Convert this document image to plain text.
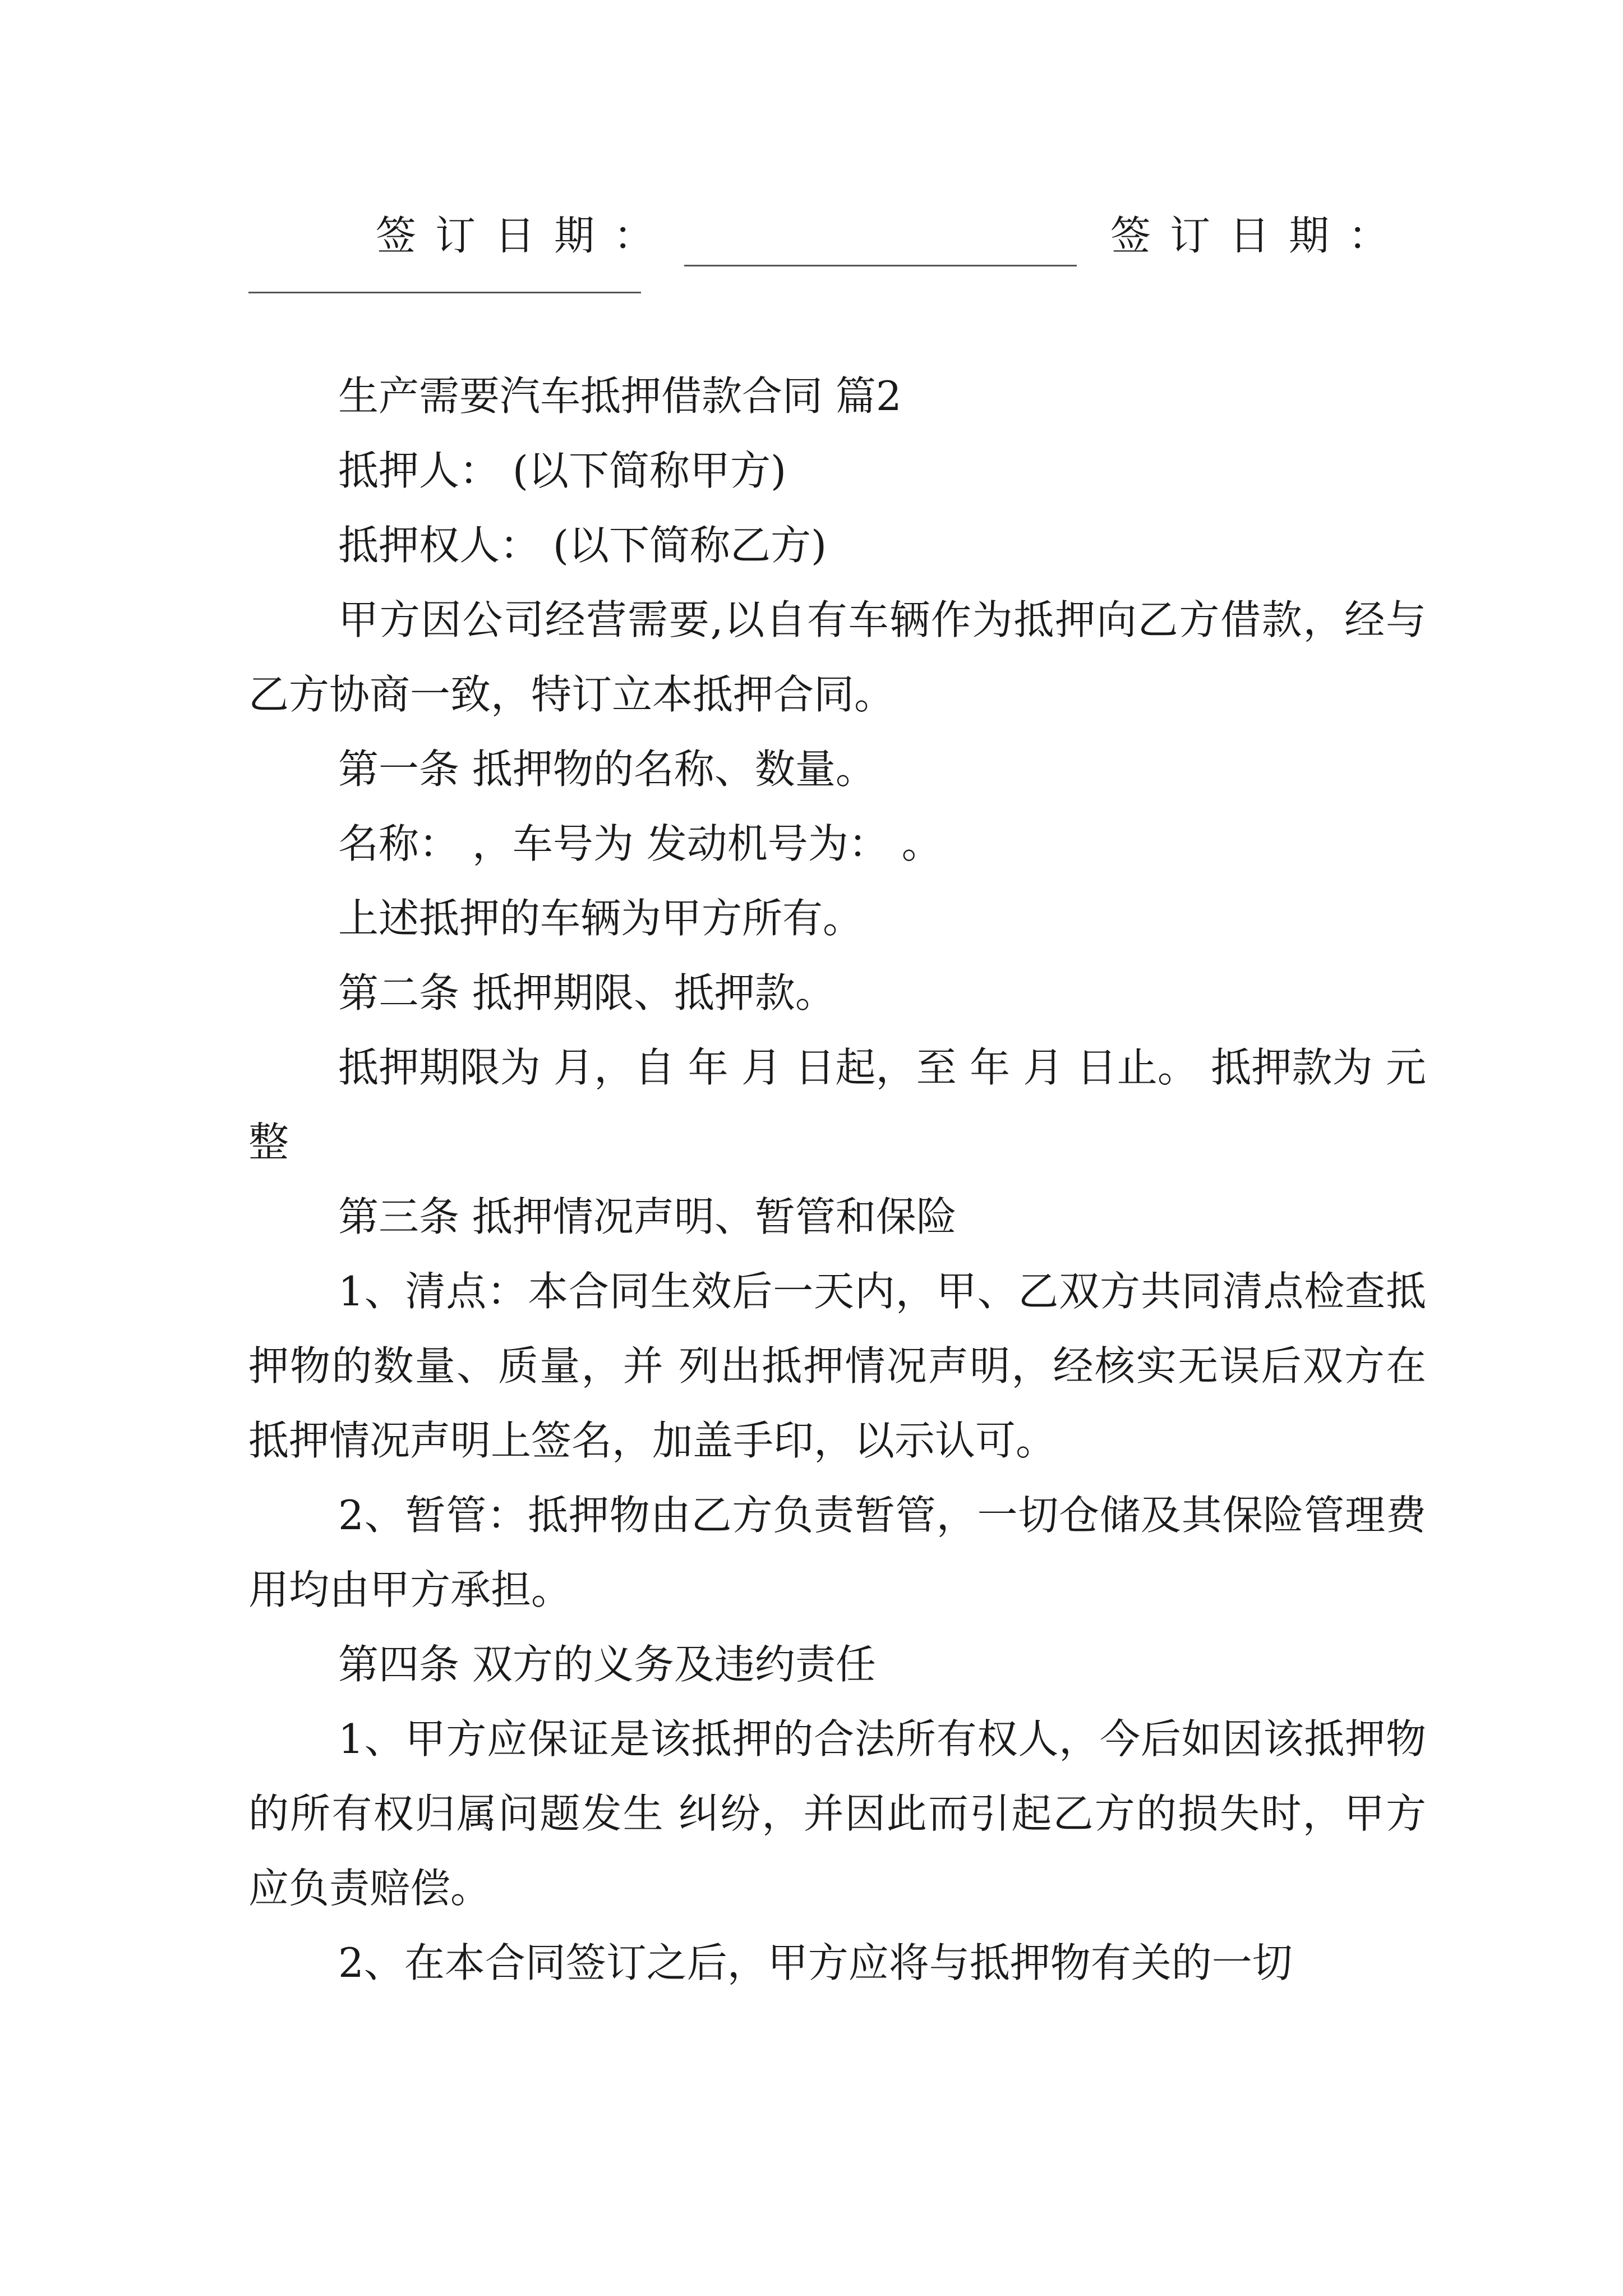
签订日期：	签订日期：

生产需要汽车抵押借款合同 篇2

抵押人： (以下简称甲方)

抵押权人： (以下简称乙方)

甲方因公司经营需要,以自有车辆作为抵押向乙方借款，经与乙方协商一致，特订立本抵押合同。

第一条 抵押物的名称、数量。

名称： ，车号为 发动机号为： 。

上述抵押的车辆为甲方所有。

第二条 抵押期限、抵押款。

抵押期限为 月，自 年 月 日起，至 年 月 日止。 抵押款为 元整

第三条 抵押情况声明、暂管和保险

1、清点：本合同生效后一天内，甲、乙双方共同清点检查抵押物的数量、质量，并 列出抵押情况声明，经核实无误后双方在抵押情况声明上签名，加盖手印，以示认可。

2、暂管：抵押物由乙方负责暂管，一切仓储及其保险管理费用均由甲方承担。

第四条 双方的义务及违约责任

1、甲方应保证是该抵押的合法所有权人，今后如因该抵押物的所有权归属问题发生 纠纷，并因此而引起乙方的损失时，甲方应负责赔偿。

2、在本合同签订之后，甲方应将与抵押物有关的一切
